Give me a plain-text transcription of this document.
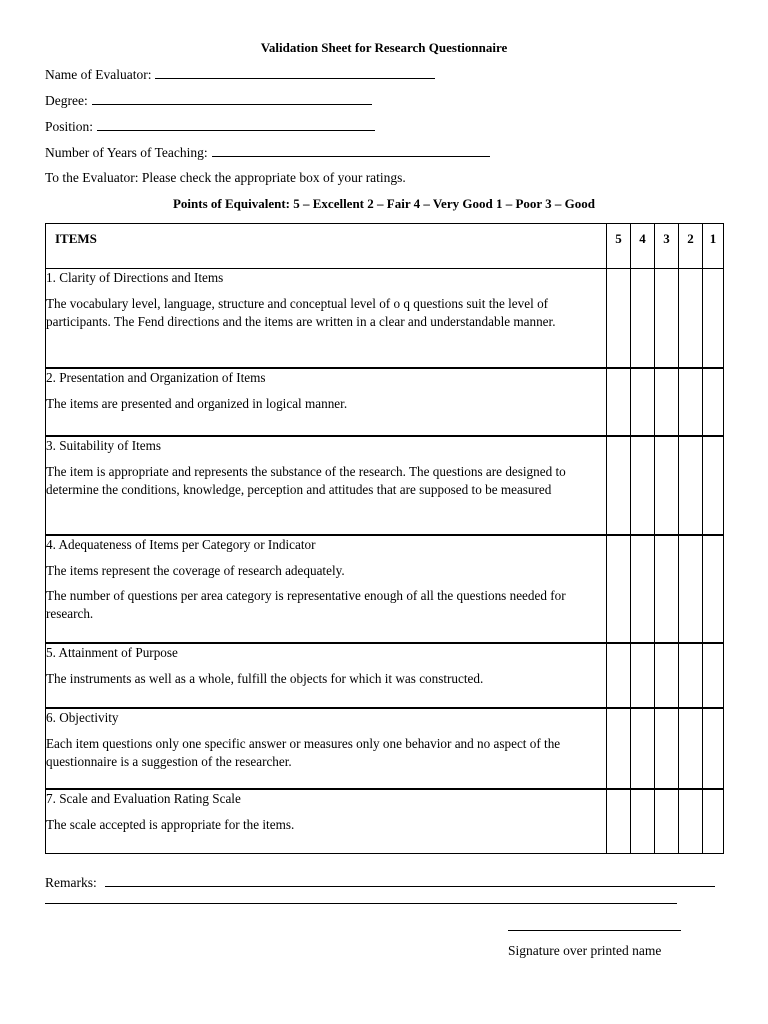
Validation Sheet for Research Questionnaire
Name of Evaluator:
Degree:
Position:
Number of Years of Teaching:
To the Evaluator: Please check the appropriate box of your ratings.
Points of Equivalent: 5 – Excellent 2 – Fair 4 – Very Good 1 – Poor 3 – Good
ITEMS	5	4	3	2	1

1. Clarity of Directions and Items
The vocabulary level, language, structure and conceptual level of o q questions suit the level of participants. The Fend directions and the items are written in a clear and understandable manner.					

2. Presentation and Organization of Items
The items are presented and organized in logical manner.					

3. Suitability of Items
The item is appropriate and represents the substance of the research. The questions are designed to determine the conditions, knowledge, perception and attitudes that are supposed to be measured					

4. Adequateness of Items per Category or Indicator
The items represent the coverage of research adequately.
The number of questions per area category is representative enough of all the questions needed for research.					

5. Attainment of Purpose
The instruments as well as a whole, fulfill the objects for which it was constructed.					

6. Objectivity
Each item questions only one specific answer or measures only one behavior and no aspect of the questionnaire is a suggestion of the researcher.					

7. Scale and Evaluation Rating Scale
The scale accepted is appropriate for the items.					

Remarks:
Signature over printed name
